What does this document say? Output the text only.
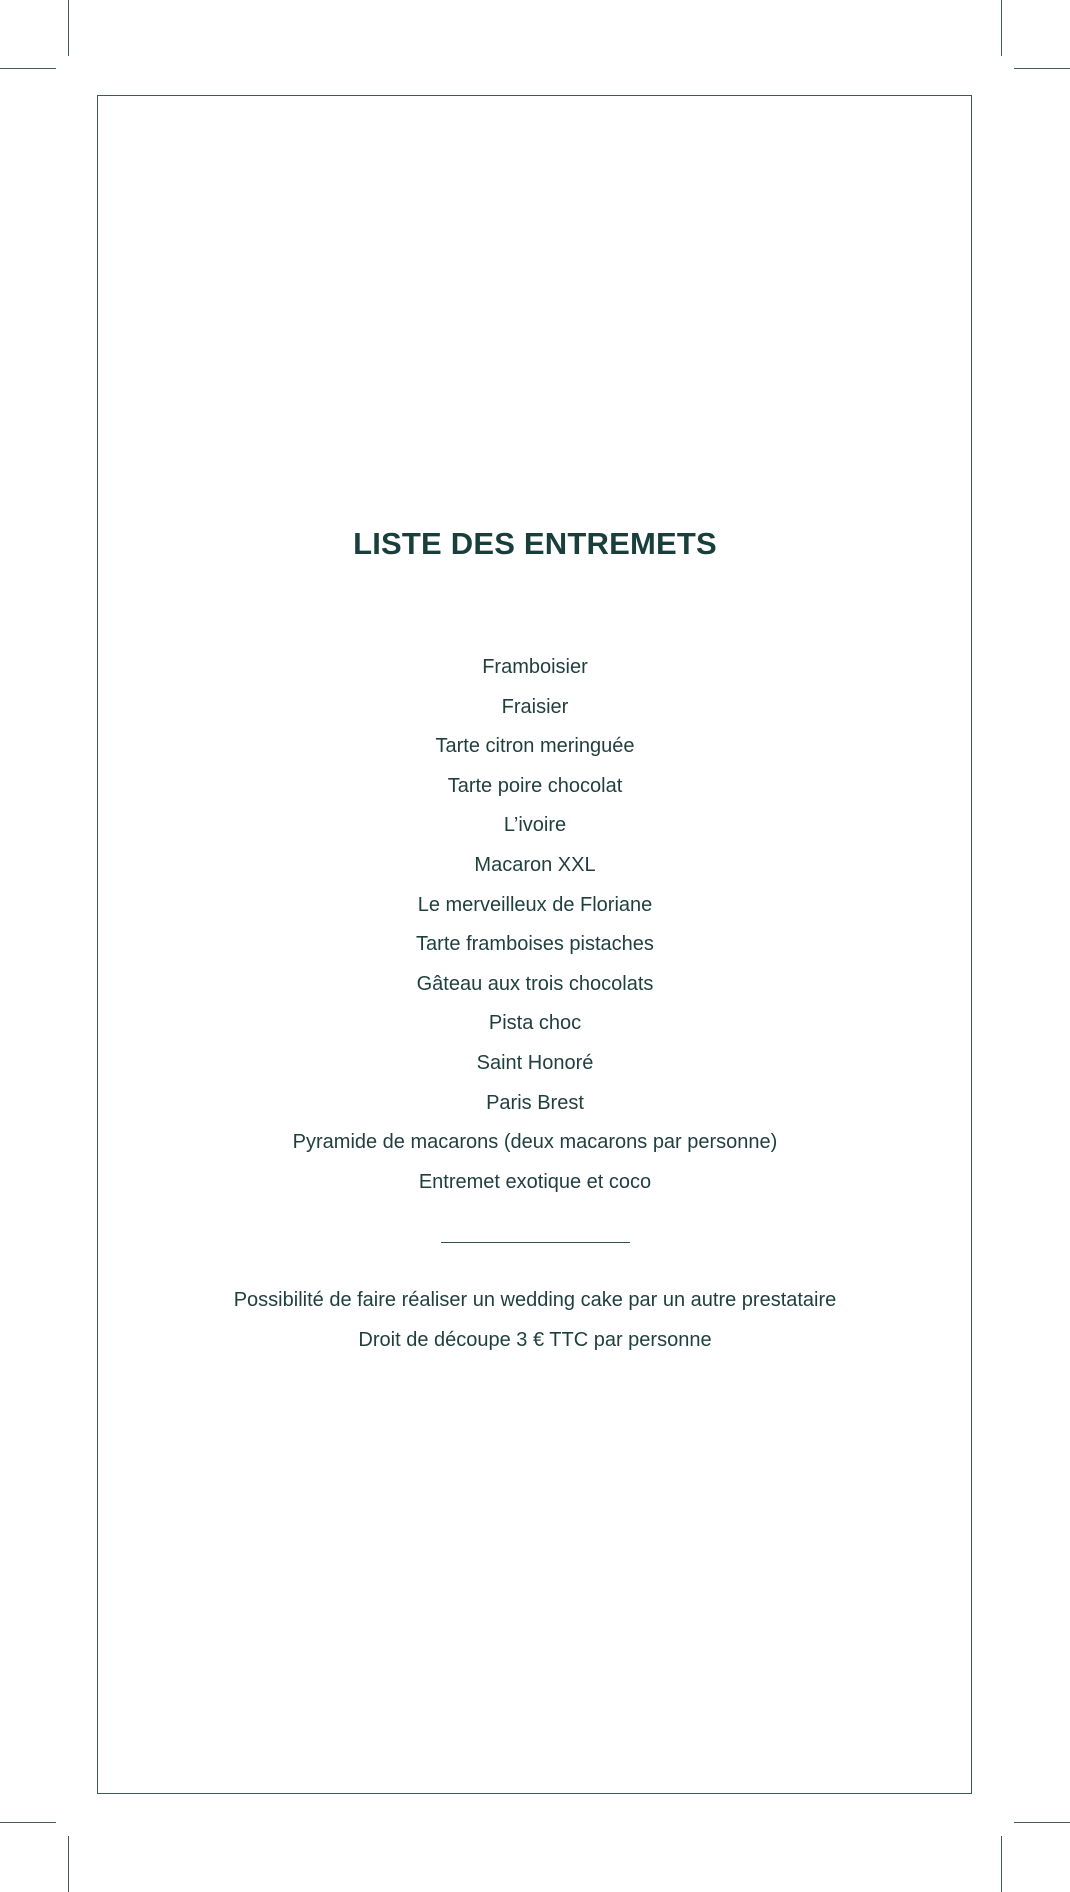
LISTE DES ENTREMETS
Framboisier
Fraisier
Tarte citron meringuée
Tarte poire chocolat
L’ivoire
Macaron XXL
Le merveilleux de Floriane
Tarte framboises pistaches
Gâteau aux trois chocolats
Pista choc
Saint Honoré
Paris Brest
Pyramide de macarons (deux macarons par personne)
Entremet exotique et coco

Possibilité de faire réaliser un wedding cake par un autre prestataire

Droit de découpe 3 € TTC par personne
